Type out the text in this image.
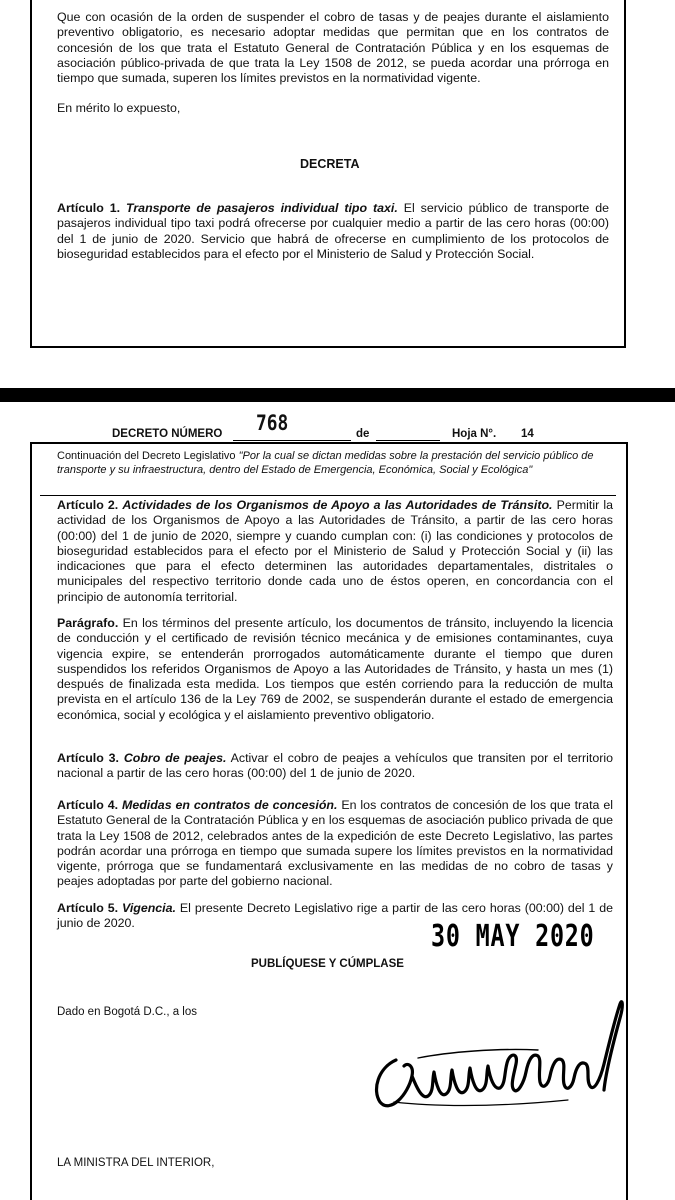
Que con ocasión de la orden de suspender el cobro de tasas y de peajes durante el aislamiento preventivo obligatorio, es necesario adoptar medidas que permitan que en los contratos de concesión de los que trata el Estatuto General de Contratación Pública y en los esquemas de asociación público-privada de que trata la Ley 1508 de 2012, se pueda acordar una prórroga en tiempo que sumada, superen los límites previstos en la normatividad vigente.

En mérito lo expuesto,

DECRETA

Artículo 1. Transporte de pasajeros individual tipo taxi. El servicio público de transporte de pasajeros individual tipo taxi podrá ofrecerse por cualquier medio a partir de las cero horas (00:00) del 1 de junio de 2020. Servicio que habrá de ofrecerse en cumplimiento de los protocolos de bioseguridad establecidos para el efecto por el Ministerio de Salud y Protección Social.

DECRETO NÚMERO 768	de	Hoja N°. 14

Continuación del Decreto Legislativo "Por la cual se dictan medidas sobre la prestación del servicio público de transporte y su infraestructura, dentro del Estado de Emergencia, Económica, Social y Ecológica"

Artículo 2. Actividades de los Organismos de Apoyo a las Autoridades de Tránsito. Permitir la actividad de los Organismos de Apoyo a las Autoridades de Tránsito, a partir de las cero horas (00:00) del 1 de junio de 2020, siempre y cuando cumplan con: (i) las condiciones y protocolos de bioseguridad establecidos para el efecto por el Ministerio de Salud y Protección Social y (ii) las indicaciones que para el efecto determinen las autoridades departamentales, distritales o municipales del respectivo territorio donde cada uno de éstos operen, en concordancia con el principio de autonomía territorial.

Parágrafo. En los términos del presente artículo, los documentos de tránsito, incluyendo la licencia de conducción y el certificado de revisión técnico mecánica y de emisiones contaminantes, cuya vigencia expire, se entenderán prorrogados automáticamente durante el tiempo que duren suspendidos los referidos Organismos de Apoyo a las Autoridades de Tránsito, y hasta un mes (1) después de finalizada esta medida. Los tiempos que estén corriendo para la reducción de multa prevista en el artículo 136 de la Ley 769 de 2002, se suspenderán durante el estado de emergencia económica, social y ecológica y el aislamiento preventivo obligatorio.

Artículo 3. Cobro de peajes. Activar el cobro de peajes a vehículos que transiten por el territorio nacional a partir de las cero horas (00:00) del 1 de junio de 2020.

Artículo 4. Medidas en contratos de concesión. En los contratos de concesión de los que trata el Estatuto General de la Contratación Pública y en los esquemas de asociación publico privada de que trata la Ley 1508 de 2012, celebrados antes de la expedición de este Decreto Legislativo, las partes podrán acordar una prórroga en tiempo que sumada supere los límites previstos en la normatividad vigente, prórroga que se fundamentará exclusivamente en las medidas de no cobro de tasas y peajes adoptadas por parte del gobierno nacional.

Artículo 5. Vigencia. El presente Decreto Legislativo rige a partir de las cero horas (00:00) del 1 de junio de 2020.	30 MAY 2020
PUBLÍQUESE Y CÚMPLASE

Dado en Bogotá D.C., a los

LA MINISTRA DEL INTERIOR,
